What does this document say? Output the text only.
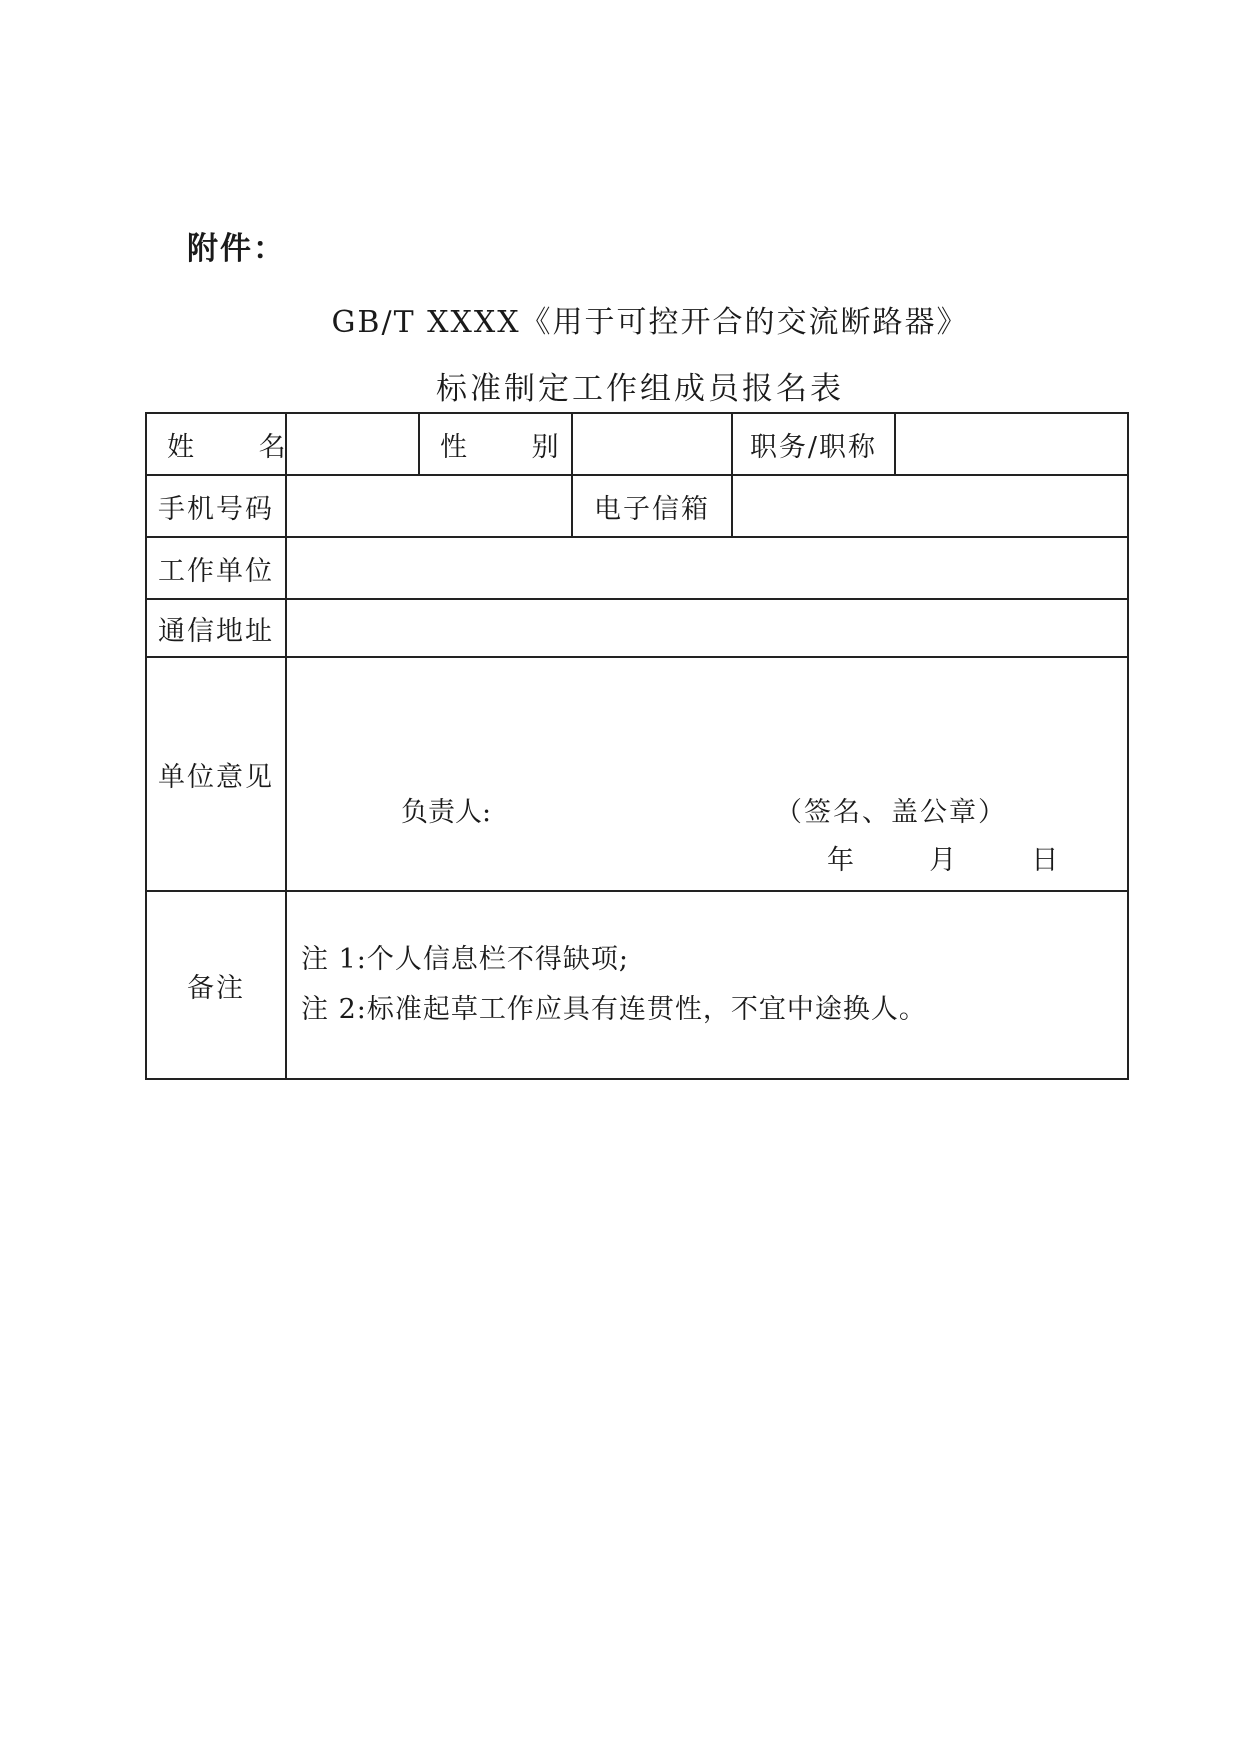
附件：
GB/T XXXX《用于可控开合的交流断路器》
标准制定工作组成员报名表
姓 名		性 别		职务/职称	
手机号码			电子信箱		
工作单位					
通信地址					
单位意见	负责人: （签名、盖公章）
年 月 日				

备注	注 1:个人信息栏不得缺项;
注 2:标准起草工作应具有连贯性，不宜中途换人。				
